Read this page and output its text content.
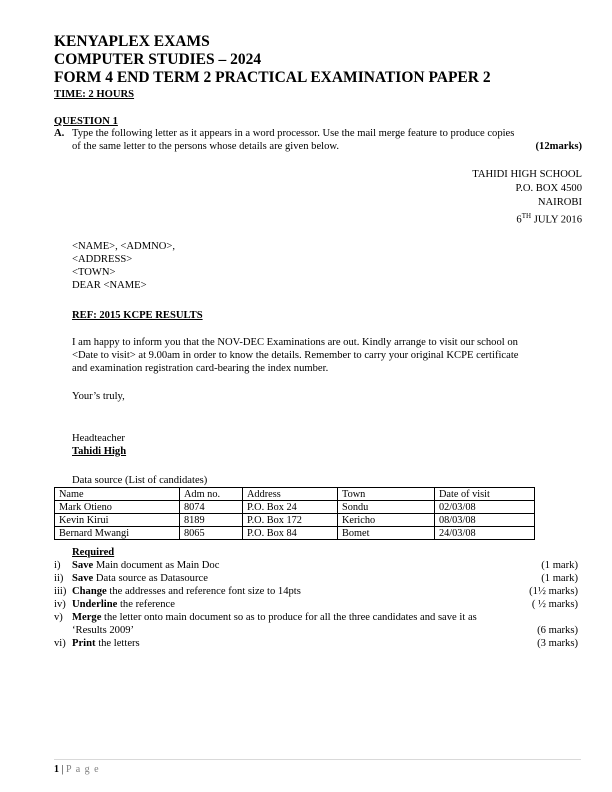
KENYAPLEX EXAMS
COMPUTER STUDIES – 2024
FORM 4 END TERM 2 PRACTICAL EXAMINATION PAPER 2
TIME: 2 HOURS
QUESTION 1
A. Type the following letter as it appears in a word processor. Use the mail merge feature to produce copies
of the same letter to the persons whose details are given below.	(12marks)
TAHIDI HIGH SCHOOL
P.O. BOX 4500
NAIROBI
6TH JULY 2016
<NAME>, <ADMNO>,
<ADDRESS>
<TOWN>
DEAR <NAME>
REF: 2015 KCPE RESULTS
I am happy to inform you that the NOV-DEC Examinations are out. Kindly arrange to visit our school on
<Date to visit> at 9.00am in order to know the details. Remember to carry your original KCPE certificate
and examination registration card-bearing the index number.
Your’s truly,
Headteacher
Tahidi High
Data source (List of candidates)
Name	Adm no.	Address	Town	Date of visit
Mark Otieno	8074	P.O. Box 24	Sondu	02/03/08
Kevin Kirui	8189	P.O. Box 172	Kericho	08/03/08
Bernard Mwangi	8065	P.O. Box 84	Bomet	24/03/08
Required
i) Save Main document as Main Doc	(1 mark)
ii) Save Data source as Datasource	(1 mark)
iii) Change the addresses and reference font size to 14pts	(1½ marks)
iv) Underline the reference	( ½ marks)
v) Merge the letter onto main document so as to produce for all the three candidates and save it as
‘Results 2009’	(6 marks)
vi) Print the letters	(3 marks)
1 | P a g e
